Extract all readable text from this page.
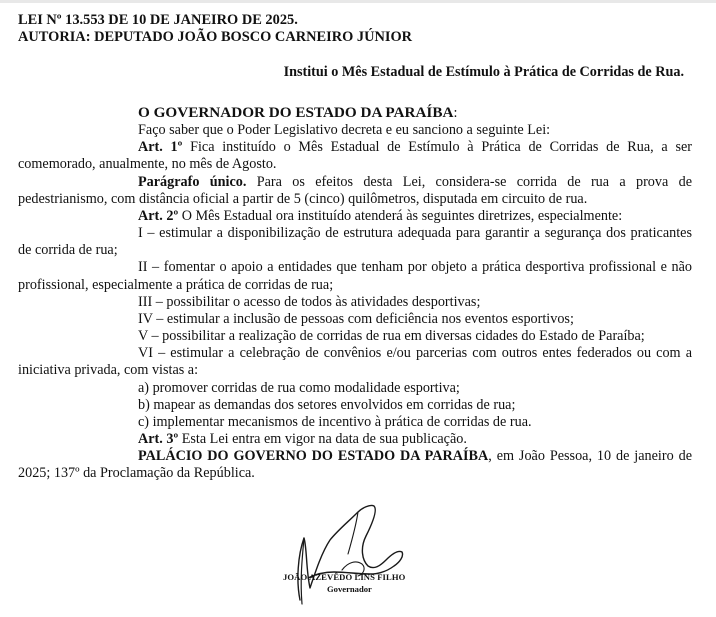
LEI Nº 13.553 DE 10 DE JANEIRO DE 2025.
AUTORIA: DEPUTADO JOÃO BOSCO CARNEIRO JÚNIOR
Institui o Mês Estadual de Estímulo à Prática de Corridas de Rua.

O GOVERNADOR DO ESTADO DA PARAÍBA:

Faço saber que o Poder Legislativo decreta e eu sanciono a seguinte Lei:

Art. 1º Fica instituído o Mês Estadual de Estímulo à Prática de Corridas de Rua, a ser comemorado, anualmente, no mês de Agosto.

Parágrafo único. Para os efeitos desta Lei, considera-se corrida de rua a prova de pedestrianismo, com distância oficial a partir de 5 (cinco) quilômetros, disputada em circuito de rua.

Art. 2º O Mês Estadual ora instituído atenderá às seguintes diretrizes, especialmente:

I – estimular a disponibilização de estrutura adequada para garantir a segurança dos praticantes de corrida de rua;

II – fomentar o apoio a entidades que tenham por objeto a prática desportiva profissional e não profissional, especialmente a prática de corridas de rua;

III – possibilitar o acesso de todos às atividades desportivas;

IV – estimular a inclusão de pessoas com deficiência nos eventos esportivos;

V – possibilitar a realização de corridas de rua em diversas cidades do Estado de Paraíba;

VI – estimular a celebração de convênios e/ou parcerias com outros entes federados ou com a iniciativa privada, com vistas a:

a) promover corridas de rua como modalidade esportiva;

b) mapear as demandas dos setores envolvidos em corridas de rua;

c) implementar mecanismos de incentivo à prática de corridas de rua.

Art. 3º Esta Lei entra em vigor na data de sua publicação.

PALÁCIO DO GOVERNO DO ESTADO DA PARAÍBA, em João Pessoa, 10 de janeiro de 2025; 137º da Proclamação da República.

JOÃO AZEVÊDO LINS FILHO
Governador
